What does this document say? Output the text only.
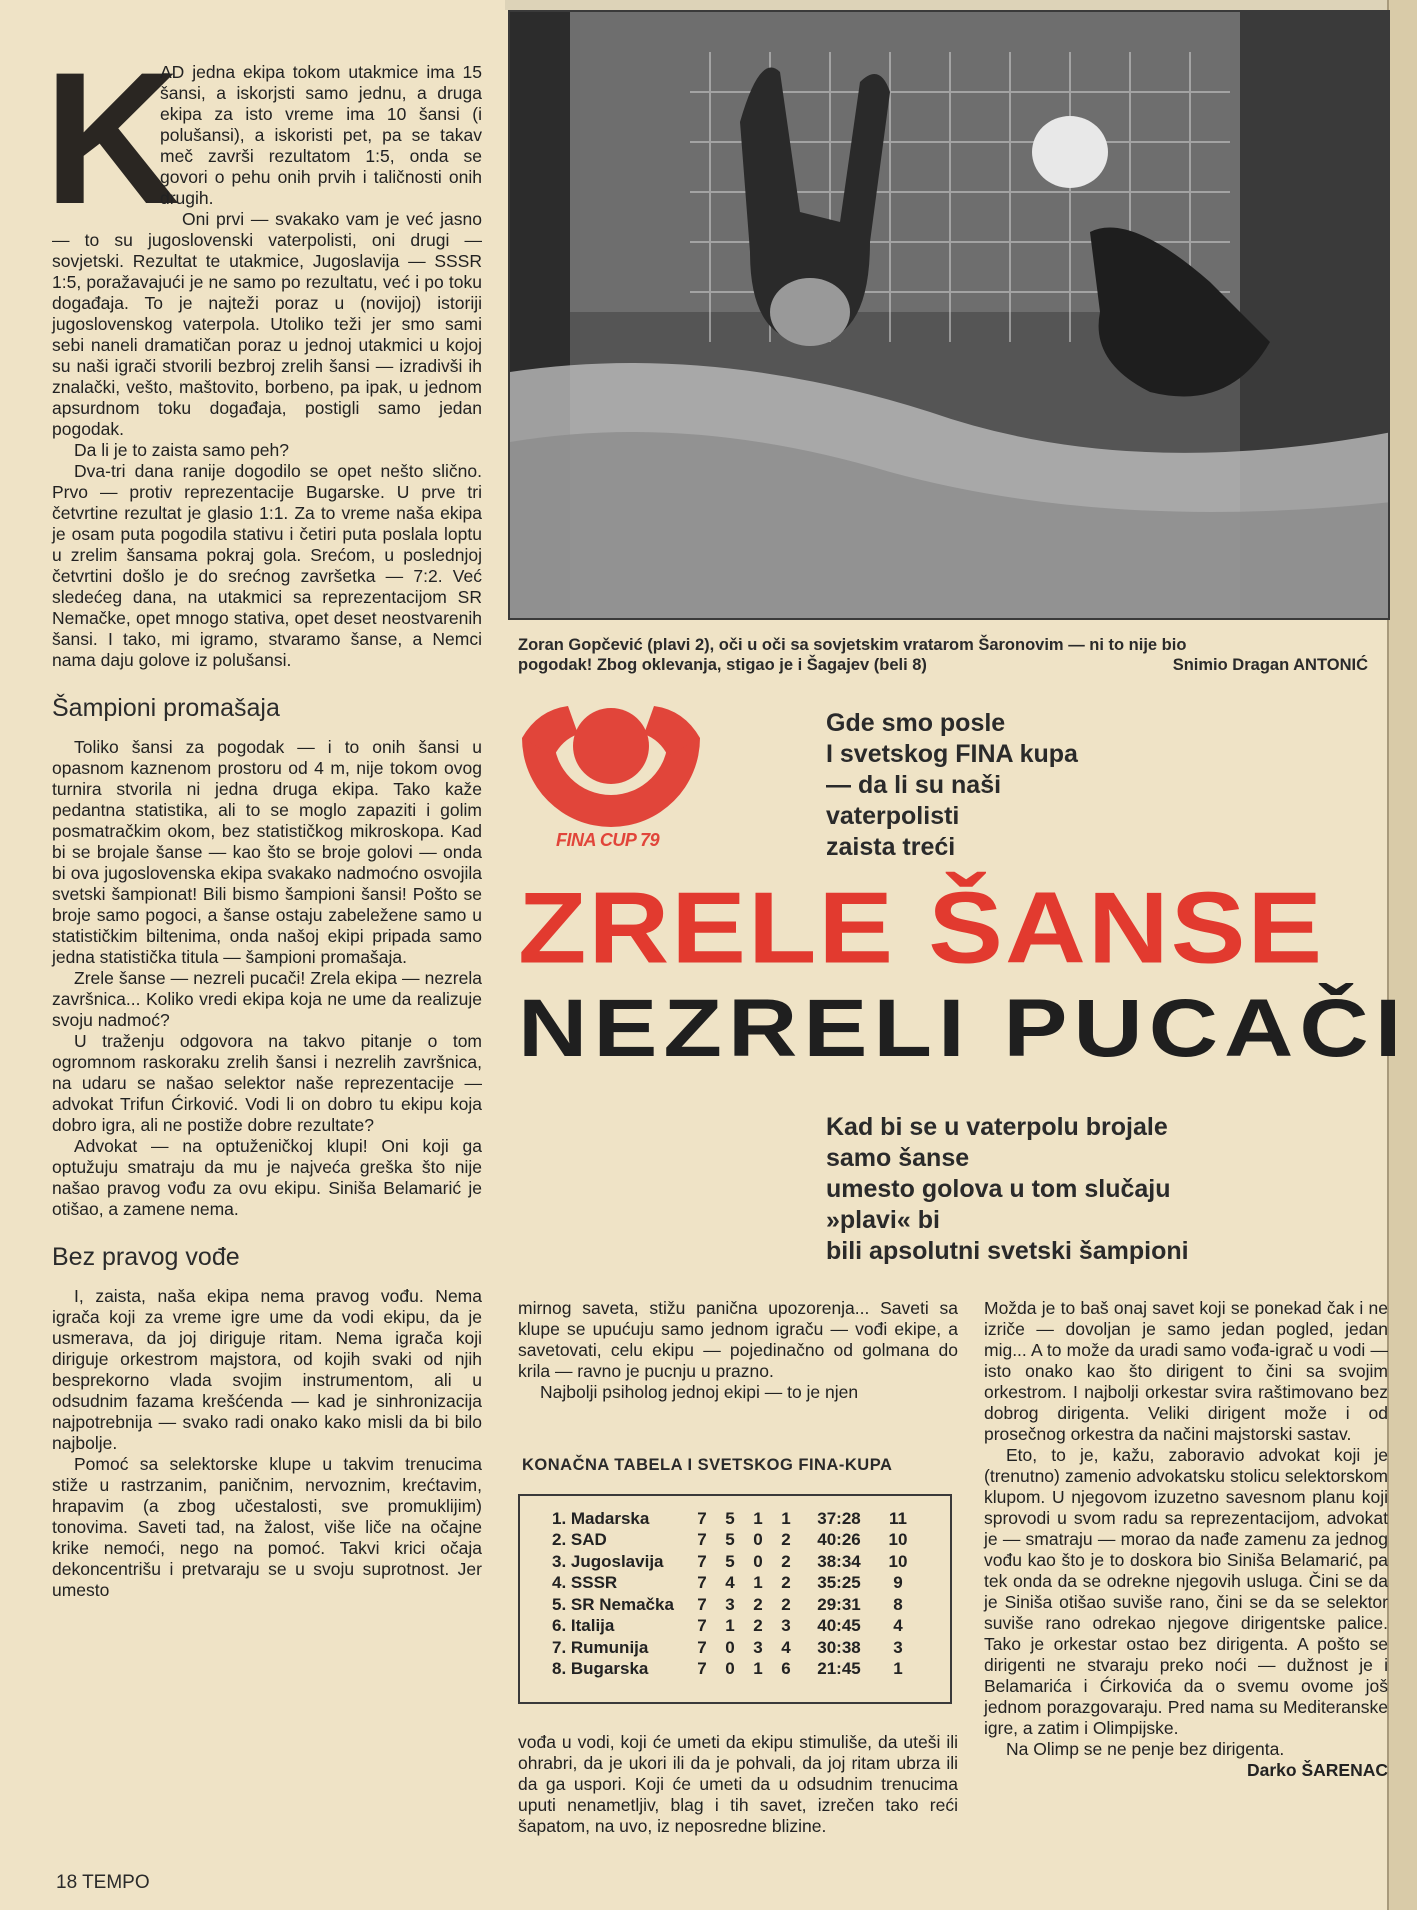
K

AD jedna ekipa tokom utakmice ima 15 šansi, a iskorjsti samo jednu, a druga ekipa za isto vreme ima 10 šansi (i polušansi), a iskoristi pet, pa se takav meč završi rezultatom 1:5, onda se govori o pehu onih prvih i taličnosti onih drugih.

Oni prvi — svakako vam je već jasno — to su jugoslovenski vaterpolisti, oni drugi — sovjetski. Rezultat te utakmice, Jugoslavija — SSSR 1:5, poražavajući je ne samo po rezultatu, već i po toku događaja. To je najteži poraz u (novijoj) istoriji jugoslovenskog vaterpola. Utoliko teži jer smo sami sebi naneli dramatičan poraz u jednoj utakmici u kojoj su naši igrači stvorili bezbroj zrelih šansi — izradivši ih znalački, vešto, maštovito, borbeno, pa ipak, u jednom apsurdnom toku događaja, postigli samo jedan pogodak.

Da li je to zaista samo peh?

Dva-tri dana ranije dogodilo se opet nešto slično. Prvo — protiv reprezentacije Bugarske. U prve tri četvrtine rezultat je glasio 1:1. Za to vreme naša ekipa je osam puta pogodila stativu i četiri puta poslala loptu u zrelim šansama pokraj gola. Srećom, u poslednjoj četvrtini došlo je do srećnog završetka — 7:2. Već sledećeg dana, na utakmici sa reprezentacijom SR Nemačke, opet mnogo stativa, opet deset neostvarenih šansi. I tako, mi igramo, stvaramo šanse, a Nemci nama daju golove iz polušansi.

Šampioni promašaja

Toliko šansi za pogodak — i to onih šansi u opasnom kaznenom prostoru od 4 m, nije tokom ovog turnira stvorila ni jedna druga ekipa. Tako kaže pedantna statistika, ali to se moglo zapaziti i golim posmatračkim okom, bez statističkog mikroskopa. Kad bi se brojale šanse — kao što se broje golovi — onda bi ova jugoslovenska ekipa svakako nadmoćno osvojila svetski šampionat! Bili bismo šampioni šansi! Pošto se broje samo pogoci, a šanse ostaju zabeležene samo u statističkim biltenima, onda našoj ekipi pripada samo jedna statistička titula — šampioni promašaja.

Zrele šanse — nezreli pucači! Zrela ekipa — nezrela završnica... Koliko vredi ekipa koja ne ume da realizuje svoju nadmoć?

U traženju odgovora na takvo pitanje o tom ogromnom raskoraku zrelih šansi i nezrelih završnica, na udaru se našao selektor naše reprezentacije — advokat Trifun Ćirković. Vodi li on dobro tu ekipu koja dobro igra, ali ne postiže dobre rezultate?

Advokat — na optuženičkoj klupi! Oni koji ga optužuju smatraju da mu je najveća greška što nije našao pravog vođu za ovu ekipu. Siniša Belamarić je otišao, a zamene nema.

Bez pravog vođe

I, zaista, naša ekipa nema pravog vođu. Nema igrača koji za vreme igre ume da vodi ekipu, da je usmerava, da joj diriguje ritam. Nema igrača koji diriguje orkestrom majstora, od kojih svaki od njih besprekorno vlada svojim instrumentom, ali u odsudnim fazama krešćenda — kad je sinhronizacija najpotrebnija — svako radi onako kako misli da bi bilo najbolje.

Pomoć sa selektorske klupe u takvim trenucima stiže u rastrzanim, paničnim, nervoznim, krećtavim, hrapavim (a zbog učestalosti, sve promuklijim) tonovima. Saveti tad, na žalost, više liče na očajne krike nemoći, nego na pomoć. Takvi krici očaja dekoncentrišu i pretvaraju se u svoju suprotnost. Jer umesto

Zoran Gopčević (plavi 2), oči u oči sa sovjetskim vratarom Šaronovim — ni to nije bio
pogodak! Zbog oklevanja, stigao je i Šagajev (beli 8)	Snimio Dragan ANTONIĆ
FINA CUP 79
Gde smo posle
I svetskog FINA kupa
— da li su naši
vaterpolisti
zaista treći
ZRELE ŠANSE
NEZRELI PUCAČI
Kad bi se u vaterpolu brojale
samo šanse
umesto golova u tom slučaju
»plavi« bi
bili apsolutni svetski šampioni

mirnog saveta, stižu panična upozorenja... Saveti sa klupe se upućuju samo jednom igraču — vođi ekipe, a savetovati, celu ekipu — pojedinačno od golmana do krila — ravno je pucnju u prazno.

Najbolji psiholog jednoj ekipi — to je njen

KONAČNA TABELA I SVETSKOG FINA-KUPA
1. Madarska	7	5	1	1	37:28	11
2. SAD	7	5	0	2	40:26	10
3. Jugoslavija	7	5	0	2	38:34	10
4. SSSR	7	4	1	2	35:25	9
5. SR Nemačka	7	3	2	2	29:31	8
6. Italija	7	1	2	3	40:45	4
7. Rumunija	7	0	3	4	30:38	3
8. Bugarska	7	0	1	6	21:45	1

vođa u vodi, koji će umeti da ekipu stimuliše, da uteši ili ohrabri, da je ukori ili da je pohvali, da joj ritam ubrza ili da ga uspori. Koji će umeti da u odsudnim trenucima uputi nenametljiv, blag i tih savet, izrečen tako reći šapatom, na uvo, iz neposredne blizine.

Možda je to baš onaj savet koji se ponekad čak i ne izriče — dovoljan je samo jedan pogled, jedan mig... A to može da uradi samo vođa-igrač u vodi — isto onako kao što dirigent to čini sa svojim orkestrom. I najbolji orkestar svira raštimovano bez dobrog dirigenta. Veliki dirigent može i od prosečnog orkestra da načini majstorski sastav.

Eto, to je, kažu, zaboravio advokat koji je (trenutno) zamenio advokatsku stolicu selektorskom klupom. U njegovom izuzetno savesnom planu koji sprovodi u svom radu sa reprezentacijom, advokat je — smatraju — morao da nađe zamenu za jednog vođu kao što je to doskora bio Siniša Belamarić, pa tek onda da se odrekne njegovih usluga. Čini se da je Siniša otišao suviše rano, čini se da se selektor suviše rano odrekao njegove dirigentske palice. Tako je orkestar ostao bez dirigenta. A pošto se dirigenti ne stvaraju preko noći — dužnost je i Belamarića i Ćirkovića da o svemu ovome još jednom porazgovaraju. Pred nama su Mediteranske igre, a zatim i Olimpijske.

Na Olimp se ne penje bez dirigenta.

Darko ŠARENAC

18 TEMPO
